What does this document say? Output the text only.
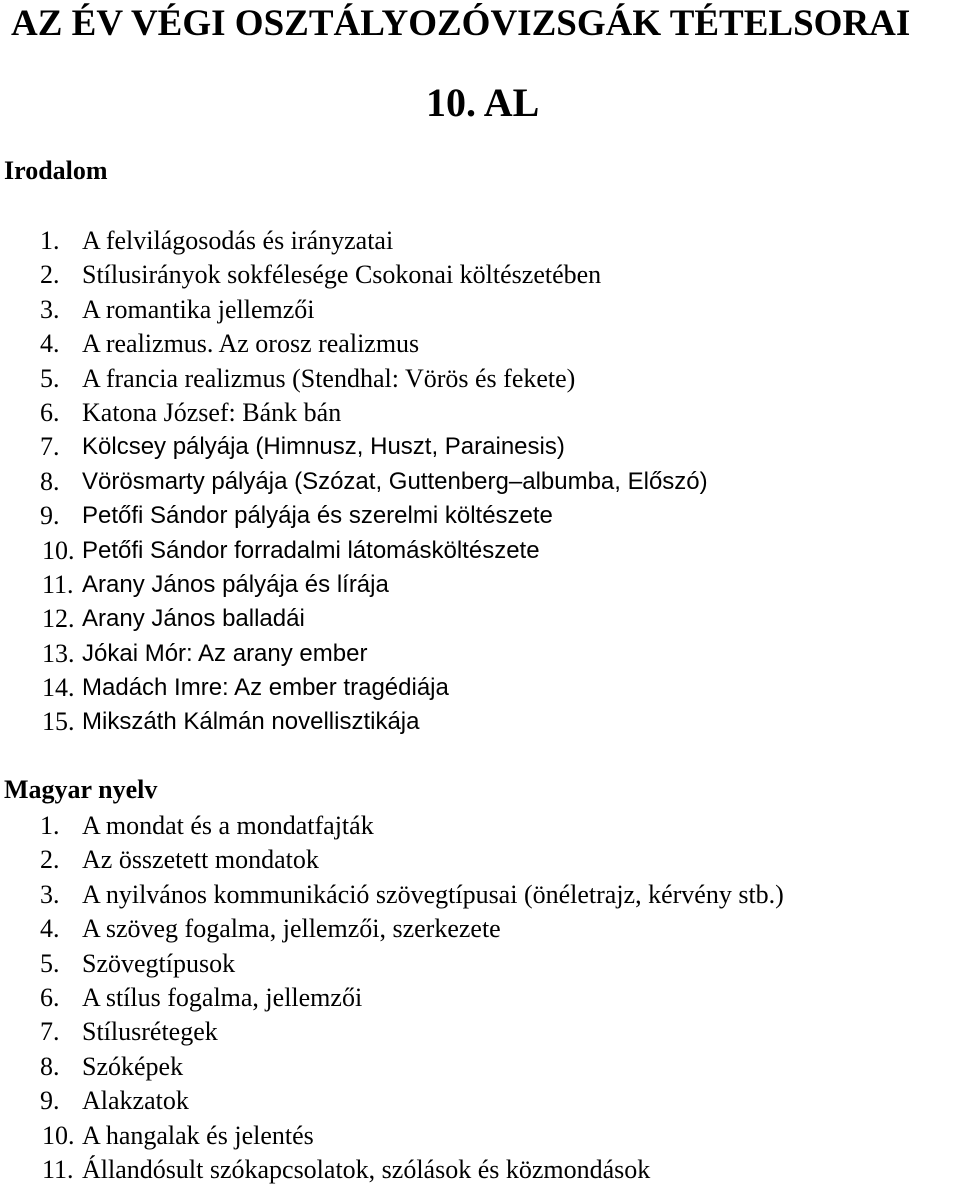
AZ ÉV VÉGI OSZTÁLYOZÓVIZSGÁK TÉTELSORAI
10. AL
Irodalom
1. A felvilágosodás és irányzatai
2. Stílusirányok sokfélesége Csokonai költészetében
3. A romantika jellemzői
4. A realizmus. Az orosz realizmus
5. A francia realizmus (Stendhal: Vörös és fekete)
6. Katona József: Bánk bán
7. Kölcsey pályája (Himnusz, Huszt, Parainesis)
8. Vörösmarty pályája (Szózat, Guttenberg–albumba, Előszó)
9. Petőfi Sándor pályája és szerelmi költészete
10. Petőfi Sándor forradalmi látomásköltészete
11. Arany János pályája és lírája
12. Arany János balladái
13. Jókai Mór: Az arany ember
14. Madách Imre: Az ember tragédiája
15. Mikszáth Kálmán novellisztikája
Magyar nyelv
1. A mondat és a mondatfajták
2. Az összetett mondatok
3. A nyilvános kommunikáció szövegtípusai (önéletrajz, kérvény stb.)
4. A szöveg fogalma, jellemzői, szerkezete
5. Szövegtípusok
6. A stílus fogalma, jellemzői
7. Stílusrétegek
8. Szóképek
9. Alakzatok
10. A hangalak és jelentés
11. Állandósult szókapcsolatok, szólások és közmondások
